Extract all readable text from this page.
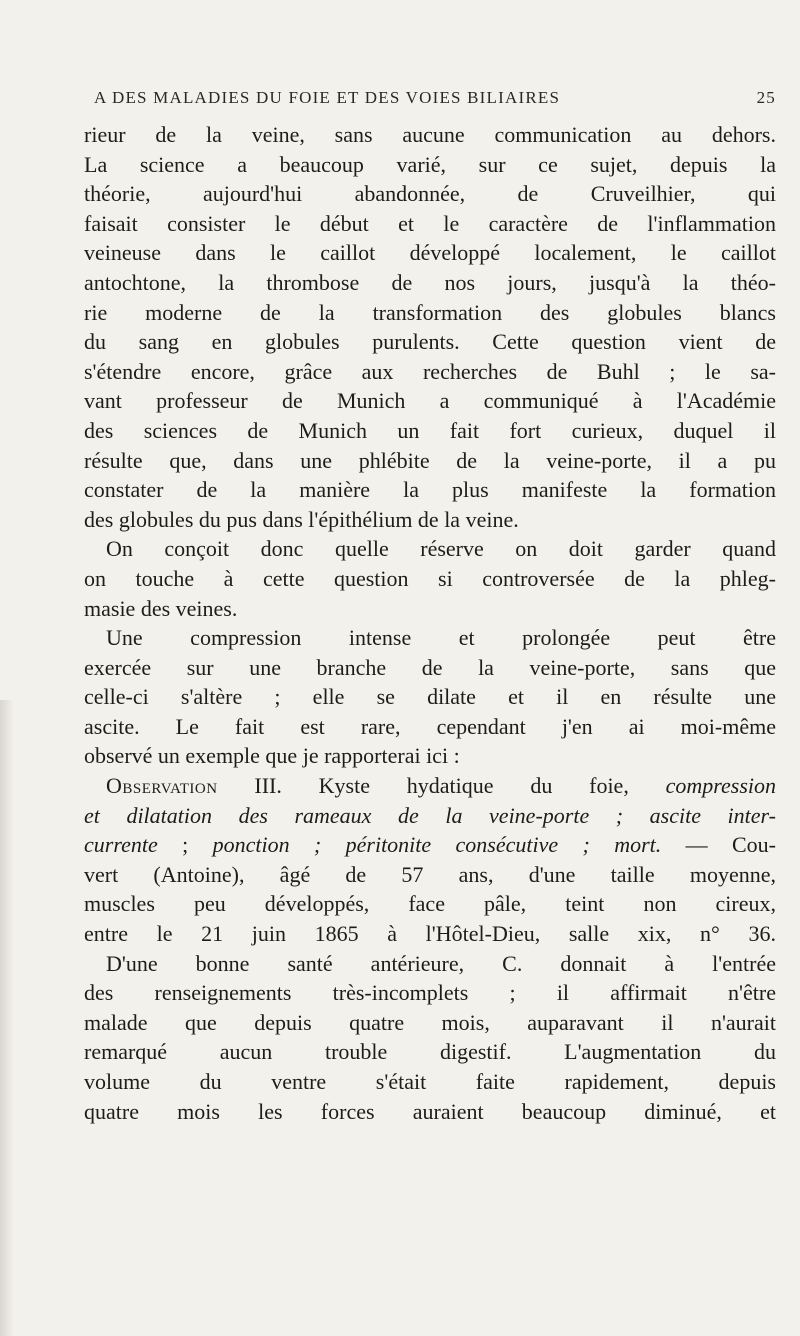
A DES MALADIES DU FOIE ET DES VOIES BILIAIRES	25
rieur de la veine, sans aucune communication au dehors.
La science a beaucoup varié, sur ce sujet, depuis la
théorie, aujourd'hui abandonnée, de Cruveilhier, qui
faisait consister le début et le caractère de l'inflammation
veineuse dans le caillot développé localement, le caillot
antochtone, la thrombose de nos jours, jusqu'à la théo-
rie moderne de la transformation des globules blancs
du sang en globules purulents. Cette question vient de
s'étendre encore, grâce aux recherches de Buhl ; le sa-
vant professeur de Munich a communiqué à l'Académie
des sciences de Munich un fait fort curieux, duquel il
résulte que, dans une phlébite de la veine-porte, il a pu
constater de la manière la plus manifeste la formation
des globules du pus dans l'épithélium de la veine.
On conçoit donc quelle réserve on doit garder quand
on touche à cette question si controversée de la phleg-
masie des veines.
Une compression intense et prolongée peut être
exercée sur une branche de la veine-porte, sans que
celle-ci s'altère ; elle se dilate et il en résulte une
ascite. Le fait est rare, cependant j'en ai moi-même
observé un exemple que je rapporterai ici :
Observation III. Kyste hydatique du foie, compression
et dilatation des rameaux de la veine-porte ; ascite inter-
currente ; ponction ; péritonite consécutive ; mort. — Cou-
vert (Antoine), âgé de 57 ans, d'une taille moyenne,
muscles peu développés, face pâle, teint non cireux,
entre le 21 juin 1865 à l'Hôtel-Dieu, salle xix, n° 36.
D'une bonne santé antérieure, C. donnait à l'entrée
des renseignements très-incomplets ; il affirmait n'être
malade que depuis quatre mois, auparavant il n'aurait
remarqué aucun trouble digestif. L'augmentation du
volume du ventre s'était faite rapidement, depuis
quatre mois les forces auraient beaucoup diminué, et
